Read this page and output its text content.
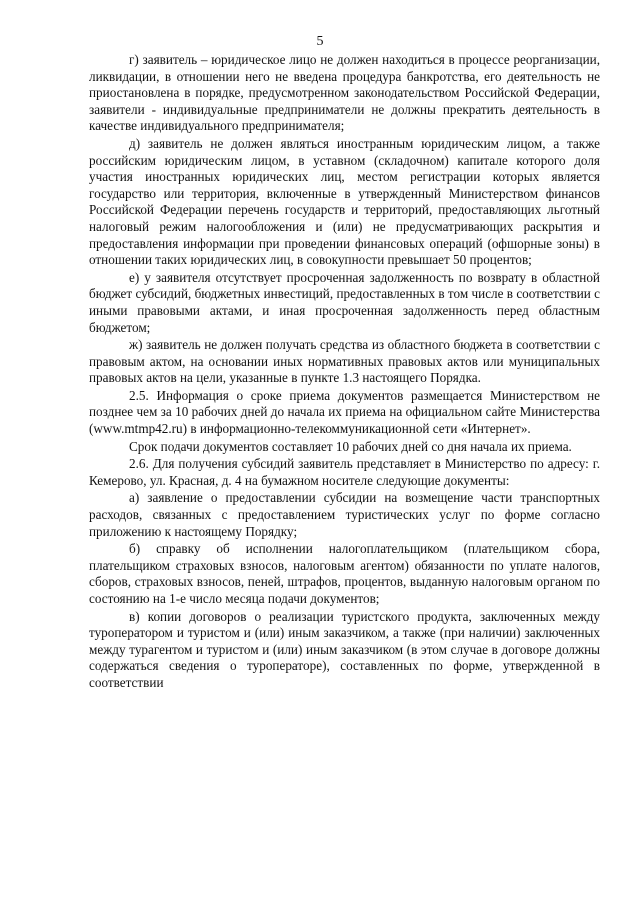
5

г) заявитель – юридическое лицо не должен находиться в процессе реорганизации, ликвидации, в отношении него не введена процедура банкротства, его деятельность не приостановлена в порядке, предусмотренном законодательством Российской Федерации, заявители - индивидуальные предприниматели не должны прекратить деятельность в качестве индивидуального предпринимателя;

д) заявитель не должен являться иностранным юридическим лицом, а также российским юридическим лицом, в уставном (складочном) капитале которого доля участия иностранных юридических лиц, местом регистрации которых является государство или территория, включенные в утвержденный Министерством финансов Российской Федерации перечень государств и территорий, предоставляющих льготный налоговый режим налогообложения и (или) не предусматривающих раскрытия и предоставления информации при проведении финансовых операций (офшорные зоны) в отношении таких юридических лиц, в совокупности превышает 50 процентов;

е) у заявителя отсутствует просроченная задолженность по возврату в областной бюджет субсидий, бюджетных инвестиций, предоставленных в том числе в соответствии с иными правовыми актами, и иная просроченная задолженность перед областным бюджетом;

ж) заявитель не должен получать средства из областного бюджета в соответствии с правовым актом, на основании иных нормативных правовых актов или муниципальных правовых актов на цели, указанные в пункте 1.3 настоящего Порядка.

2.5. Информация о сроке приема документов размещается Министерством не позднее чем за 10 рабочих дней до начала их приема на официальном сайте Министерства (www.mtmp42.ru) в информационно-телекоммуникационной сети «Интернет».

Срок подачи документов составляет 10 рабочих дней со дня начала их приема.

2.6. Для получения субсидий заявитель представляет в Министерство по адресу: г. Кемерово, ул. Красная, д. 4 на бумажном носителе следующие документы:

а) заявление о предоставлении субсидии на возмещение части транспортных расходов, связанных с предоставлением туристических услуг по форме согласно приложению к настоящему Порядку;

б) справку об исполнении налогоплательщиком (плательщиком сбора, плательщиком страховых взносов, налоговым агентом) обязанности по уплате налогов, сборов, страховых взносов, пеней, штрафов, процентов, выданную налоговым органом по состоянию на 1-е число месяца подачи документов;

в) копии договоров о реализации туристского продукта, заключенных между туроператором и туристом и (или) иным заказчиком, а также (при наличии) заключенных между турагентом и туристом и (или) иным заказчиком (в этом случае в договоре должны содержаться сведения о туроператоре), составленных по форме, утвержденной в соответствии
